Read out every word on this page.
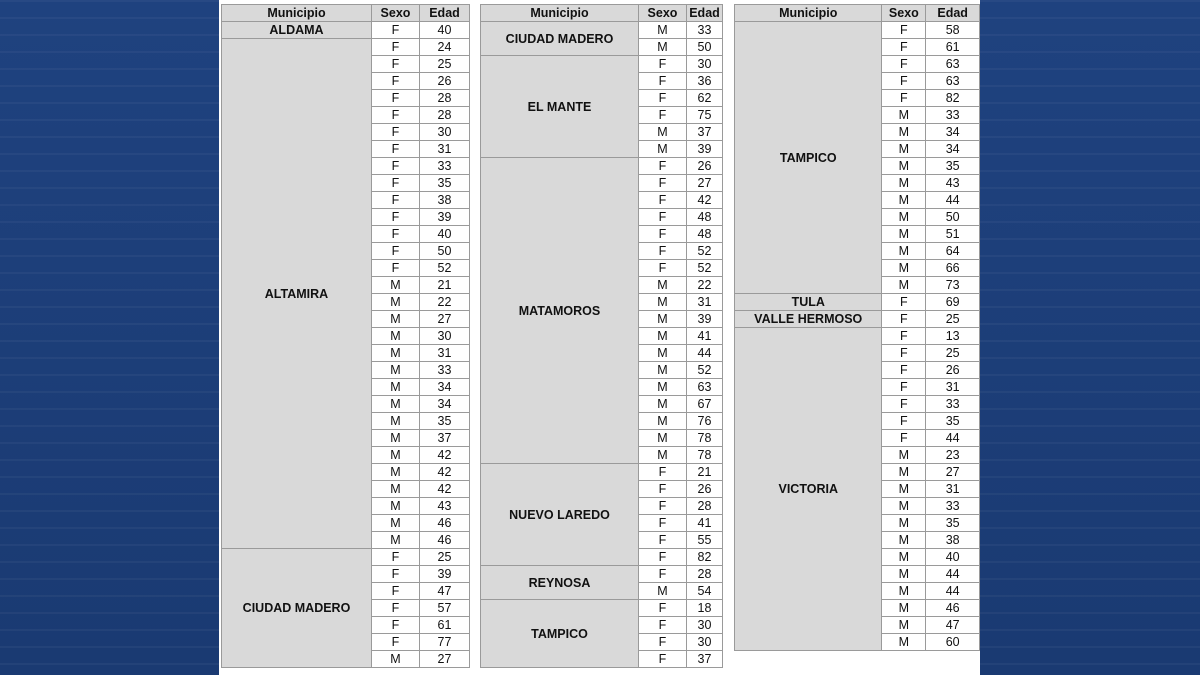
Municipio	Sexo	Edad
ALDAMA	F	40
ALTAMIRA	F	24
	F	25
	F	26
	F	28
	F	28
	F	30
	F	31
	F	33
	F	35
	F	38
	F	39
	F	40
	F	50
	F	52
	M	21
	M	22
	M	27
	M	30
	M	31
	M	33
	M	34
	M	34
	M	35
	M	37
	M	42
	M	42
	M	42
	M	43
	M	46
	M	46
CIUDAD MADERO	F	25
	F	39
	F	47
	F	57
	F	61
	F	77
	M	27
Municipio	Sexo	Edad
CIUDAD MADERO	M	33
	M	50
EL MANTE	F	30
	F	36
	F	62
	F	75
	M	37
	M	39
MATAMOROS	F	26
	F	27
	F	42
	F	48
	F	48
	F	52
	F	52
	M	22
	M	31
	M	39
	M	41
	M	44
	M	52
	M	63
	M	67
	M	76
	M	78
	M	78
NUEVO LAREDO	F	21
	F	26
	F	28
	F	41
	F	55
	F	82
REYNOSA	F	28
	M	54
TAMPICO	F	18
	F	30
	F	30
	F	37
Municipio	Sexo	Edad
TAMPICO	F	58
	F	61
	F	63
	F	63
	F	82
	M	33
	M	34
	M	34
	M	35
	M	43
	M	44
	M	50
	M	51
	M	64
	M	66
	M	73
TULA	F	69
VALLE HERMOSO	F	25
VICTORIA	F	13
	F	25
	F	26
	F	31
	F	33
	F	35
	F	44
	M	23
	M	27
	M	31
	M	33
	M	35
	M	38
	M	40
	M	44
	M	44
	M	46
	M	47
	M	60
